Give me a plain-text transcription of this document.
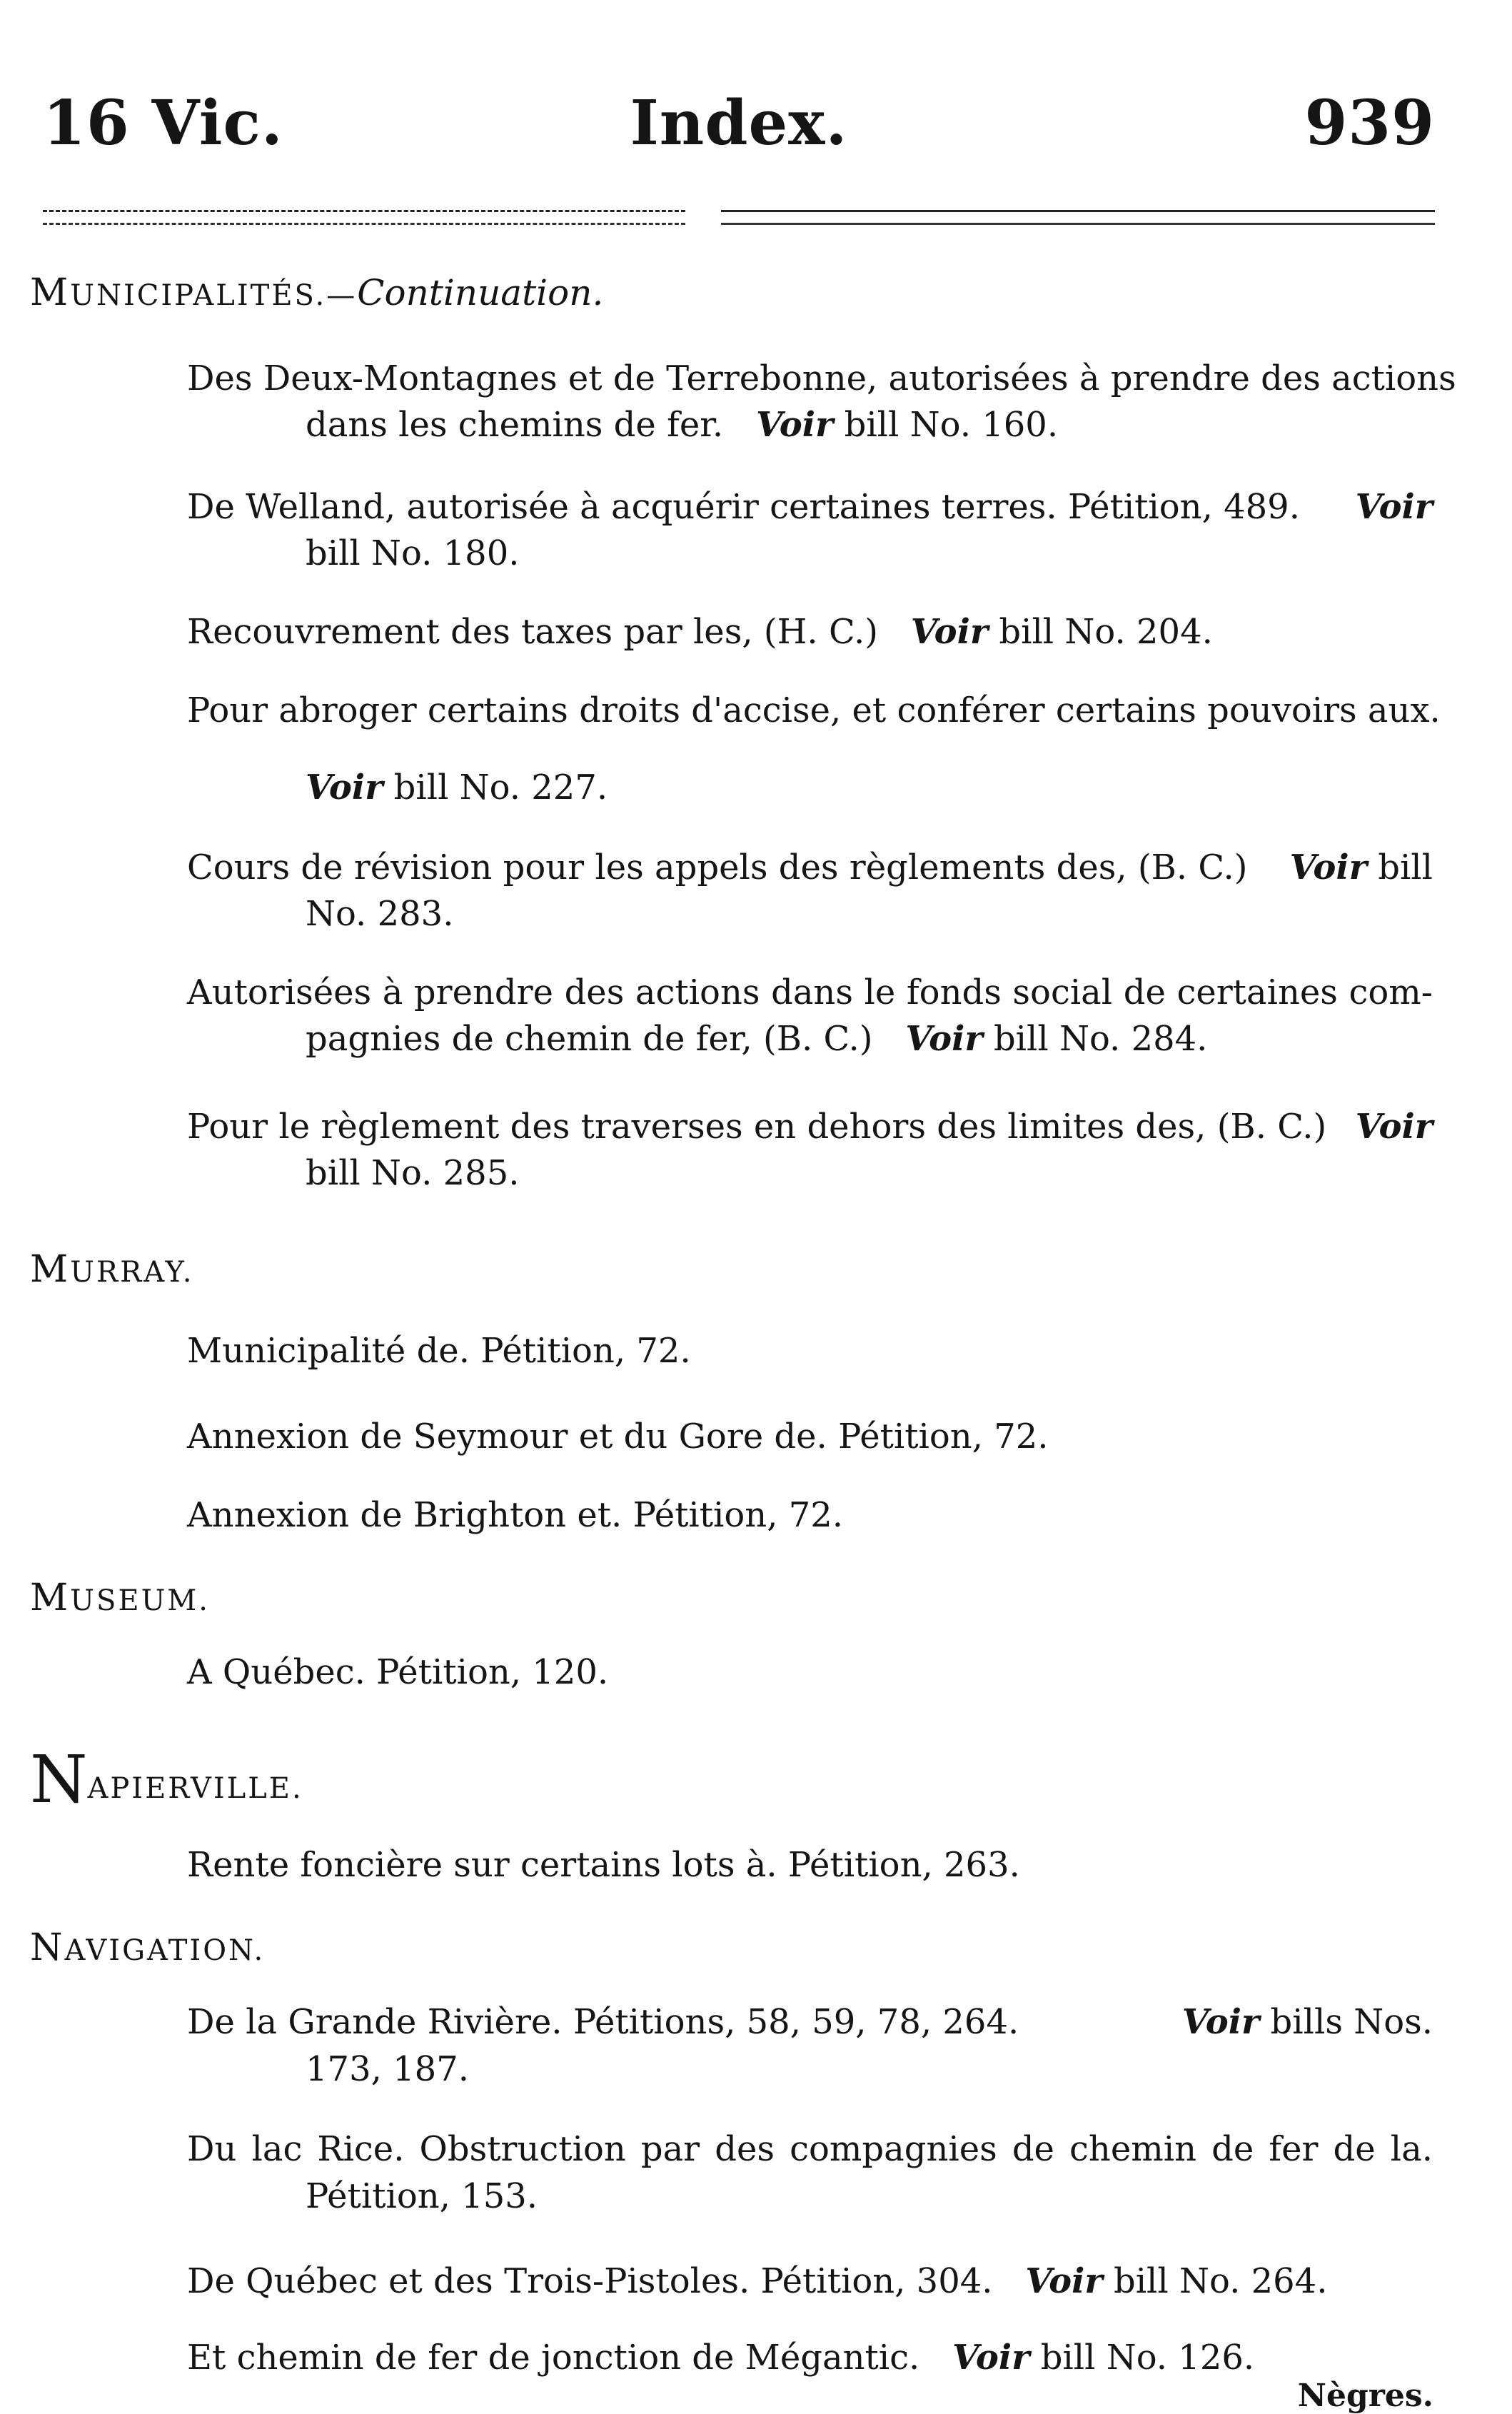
16 Vic.	Index.	939
MUNICIPALITÉS.—Continuation.
Des Deux-Montagnes et de Terrebonne, autorisées à prendre des actions
dans les chemins de fer. Voir bill No. 160.
De Welland, autorisée à acquérir certaines terres. Pétition, 489. Voir
bill No. 180.
Recouvrement des taxes par les, (H. C.) Voir bill No. 204.
Pour abroger certains droits d'accise, et conférer certains pouvoirs aux.
Voir bill No. 227.
Cours de révision pour les appels des règlements des, (B. C.) Voir bill
No. 283.
Autorisées à prendre des actions dans le fonds social de certaines com-
pagnies de chemin de fer, (B. C.) Voir bill No. 284.
Pour le règlement des traverses en dehors des limites des, (B. C.) Voir
bill No. 285.
MURRAY.
Municipalité de. Pétition, 72.
Annexion de Seymour et du Gore de. Pétition, 72.
Annexion de Brighton et. Pétition, 72.
MUSEUM.
A Québec. Pétition, 120.
NAPIERVILLE.
Rente foncière sur certains lots à. Pétition, 263.
NAVIGATION.
De la Grande Rivière. Pétitions, 58, 59, 78, 264.	Voir bills Nos.
173, 187.
Du lac Rice. Obstruction par des compagnies de chemin de fer de la.
Pétition, 153.
De Québec et des Trois-Pistoles. Pétition, 304. Voir bill No. 264.
Et chemin de fer de jonction de Mégantic. Voir bill No. 126.
Nègres.
